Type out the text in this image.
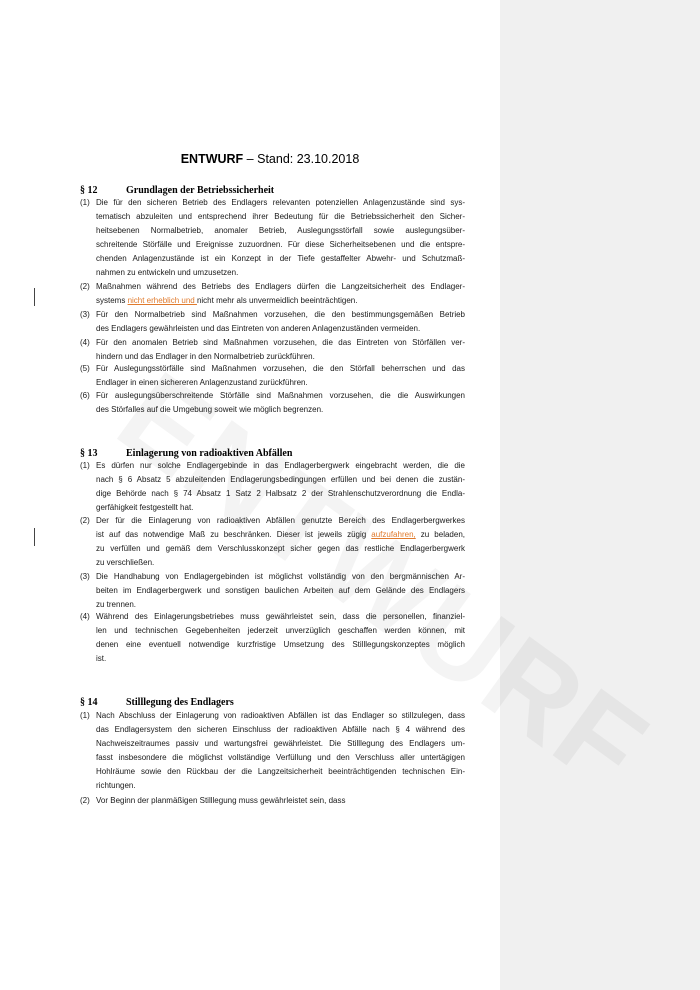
ENTWURF – Stand: 23.10.2018
§ 12	Grundlagen der Betriebssicherheit
(1) Die für den sicheren Betrieb des Endlagers relevanten potenziellen Anlagenzustände sind sys-
tematisch abzuleiten und entsprechend ihrer Bedeutung für die Betriebssicherheit den Sicher-
heitsebenen Normalbetrieb, anomaler Betrieb, Auslegungsstörfall sowie auslegungsüber-
schreitende Störfälle und Ereignisse zuzuordnen. Für diese Sicherheitsebenen und die entspre-
chenden Anlagenzustände ist ein Konzept in der Tiefe gestaffelter Abwehr- und Schutzmaß-
nahmen zu entwickeln und umzusetzen.
(2) Maßnahmen während des Betriebs des Endlagers dürfen die Langzeitsicherheit des Endlager-
systems nicht erheblich und nicht mehr als unvermeidlich beeinträchtigen.
(3) Für den Normalbetrieb sind Maßnahmen vorzusehen, die den bestimmungsgemäßen Betrieb
des Endlagers gewährleisten und das Eintreten von anderen Anlagenzuständen vermeiden.
(4) Für den anomalen Betrieb sind Maßnahmen vorzusehen, die das Eintreten von Störfällen ver-
hindern und das Endlager in den Normalbetrieb zurückführen.
(5) Für Auslegungsstörfälle sind Maßnahmen vorzusehen, die den Störfall beherrschen und das
Endlager in einen sichereren Anlagenzustand zurückführen.
(6) Für auslegungsüberschreitende Störfälle sind Maßnahmen vorzusehen, die die Auswirkungen
des Störfalles auf die Umgebung soweit wie möglich begrenzen.
§ 13	Einlagerung von radioaktiven Abfällen
(1) Es dürfen nur solche Endlagergebinde in das Endlagerbergwerk eingebracht werden, die die
nach § 6 Absatz 5 abzuleitenden Endlagerungsbedingungen erfüllen und bei denen die zustän-
dige Behörde nach § 74 Absatz 1 Satz 2 Halbsatz 2 der Strahlenschutzverordnung die Endla-
gerfähigkeit festgestellt hat.
(2) Der für die Einlagerung von radioaktiven Abfällen genutzte Bereich des Endlagerbergwerkes
ist auf das notwendige Maß zu beschränken. Dieser ist jeweils zügig aufzufahren, zu beladen,
zu verfüllen und gemäß dem Verschlusskonzept sicher gegen das restliche Endlagerbergwerk
zu verschließen.
(3) Die Handhabung von Endlagergebinden ist möglichst vollständig von den bergmännischen Ar-
beiten im Endlagerbergwerk und sonstigen baulichen Arbeiten auf dem Gelände des Endlagers
zu trennen.
(4) Während des Einlagerungsbetriebes muss gewährleistet sein, dass die personellen, finanziel-
len und technischen Gegebenheiten jederzeit unverzüglich geschaffen werden können, mit
denen eine eventuell notwendige kurzfristige Umsetzung des Stilllegungskonzeptes möglich
ist.
§ 14	Stilllegung des Endlagers
(1) Nach Abschluss der Einlagerung von radioaktiven Abfällen ist das Endlager so stillzulegen, dass
das Endlagersystem den sicheren Einschluss der radioaktiven Abfälle nach § 4 während des
Nachweiszeitraumes passiv und wartungsfrei gewährleistet. Die Stilllegung des Endlagers um-
fasst insbesondere die möglichst vollständige Verfüllung und den Verschluss aller untertägigen
Hohlräume sowie den Rückbau der die Langzeitsicherheit beeinträchtigenden technischen Ein-
richtungen.
(2) Vor Beginn der planmäßigen Stilllegung muss gewährleistet sein, dass
